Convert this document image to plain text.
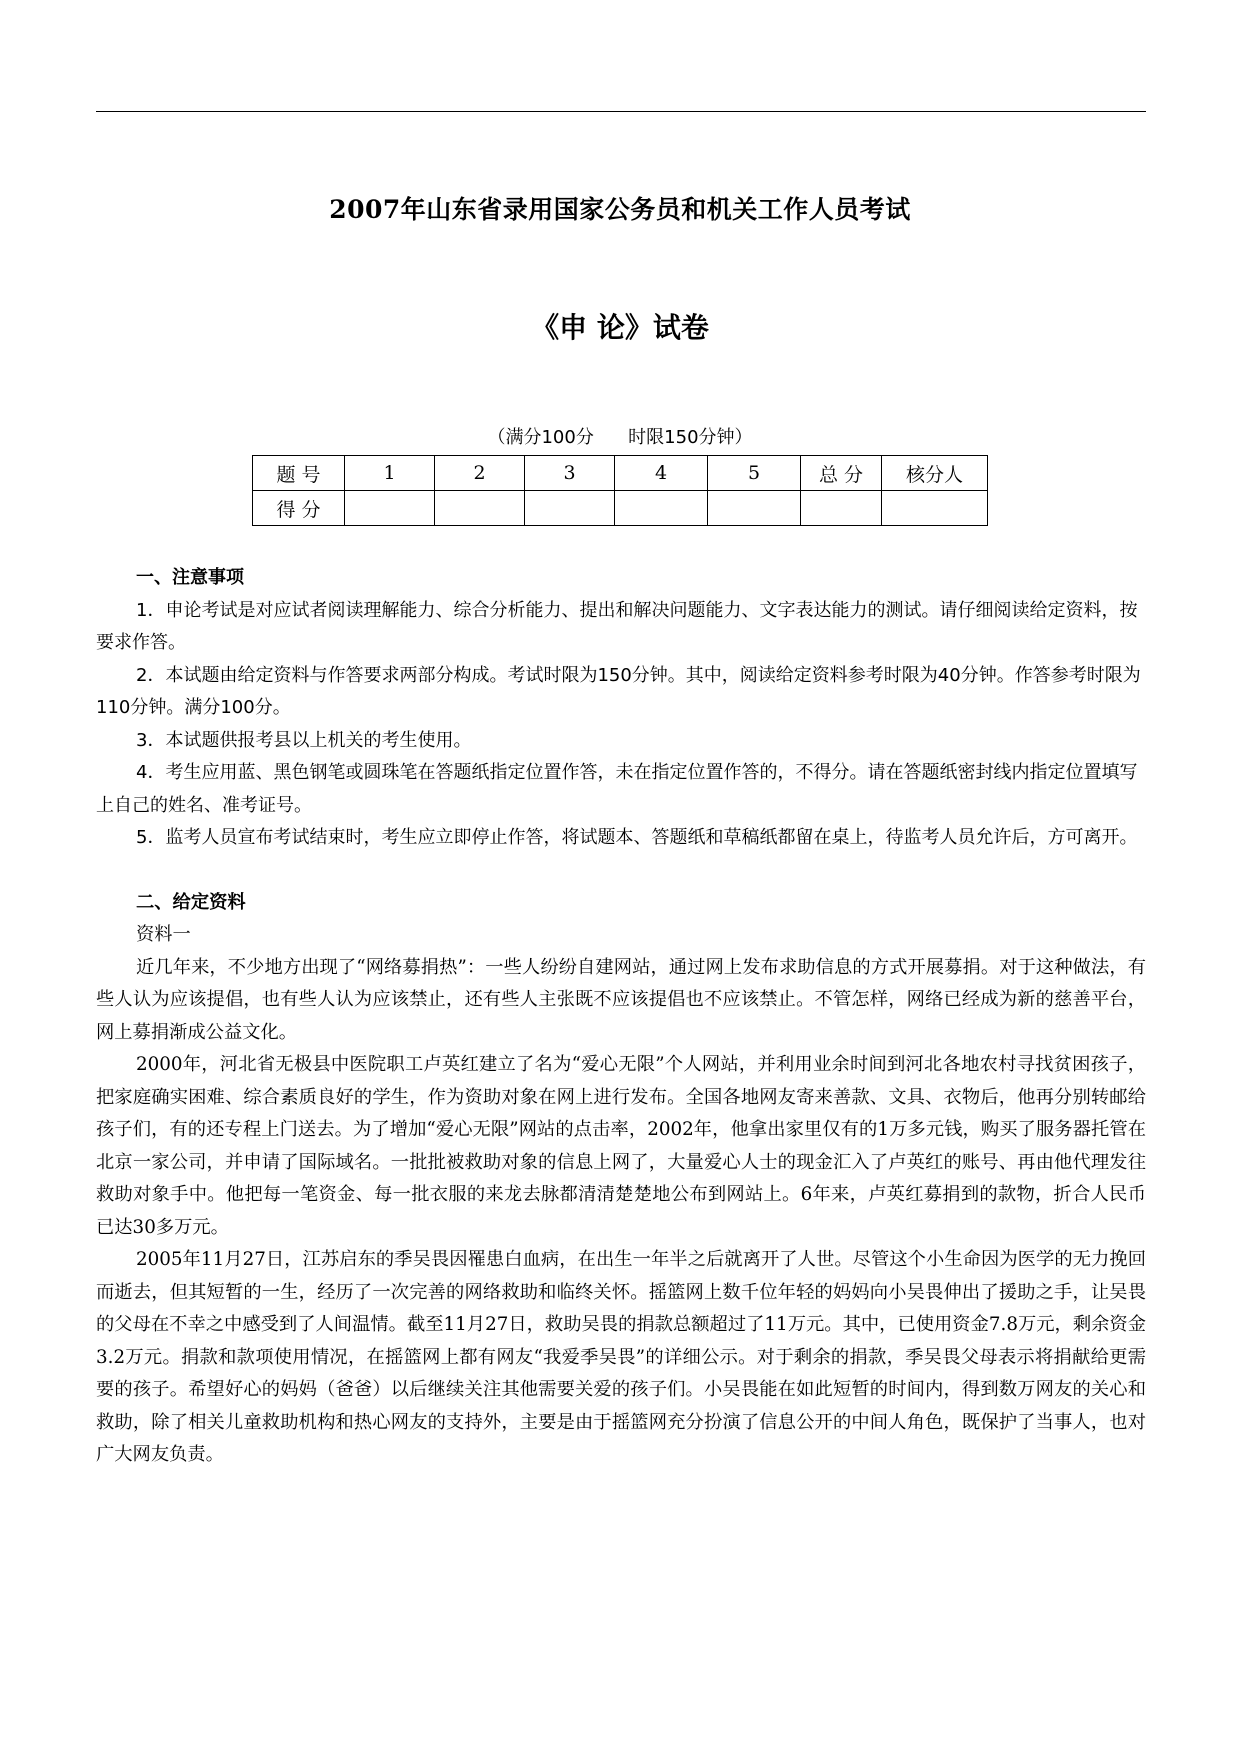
2007年山东省录用国家公务员和机关工作人员考试
《申 论》试卷

（满分100分 时限150分钟）

题 号	1	2	3	4	5	总 分	核分人
得 分							

一、注意事项

1．申论考试是对应试者阅读理解能力、综合分析能力、提出和解决问题能力、文字表达能力的测试。请仔细阅读给定资料，按要求作答。

2．本试题由给定资料与作答要求两部分构成。考试时限为150分钟。其中，阅读给定资料参考时限为40分钟。作答参考时限为110分钟。满分100分。

3．本试题供报考县以上机关的考生使用。

4．考生应用蓝、黑色钢笔或圆珠笔在答题纸指定位置作答，未在指定位置作答的，不得分。请在答题纸密封线内指定位置填写上自己的姓名、准考证号。

5．监考人员宣布考试结束时，考生应立即停止作答，将试题本、答题纸和草稿纸都留在桌上，待监考人员允许后，方可离开。

二、给定资料

资料一

近几年来，不少地方出现了“网络募捐热”：一些人纷纷自建网站，通过网上发布求助信息的方式开展募捐。对于这种做法，有些人认为应该提倡，也有些人认为应该禁止，还有些人主张既不应该提倡也不应该禁止。不管怎样，网络已经成为新的慈善平台，网上募捐渐成公益文化。

2000年，河北省无极县中医院职工卢英红建立了名为“爱心无限”个人网站，并利用业余时间到河北各地农村寻找贫困孩子，把家庭确实困难、综合素质良好的学生，作为资助对象在网上进行发布。全国各地网友寄来善款、文具、衣物后，他再分别转邮给孩子们，有的还专程上门送去。为了增加“爱心无限”网站的点击率，2002年，他拿出家里仅有的1万多元钱，购买了服务器托管在北京一家公司，并申请了国际域名。一批批被救助对象的信息上网了，大量爱心人士的现金汇入了卢英红的账号、再由他代理发往救助对象手中。他把每一笔资金、每一批衣服的来龙去脉都清清楚楚地公布到网站上。6年来，卢英红募捐到的款物，折合人民币已达30多万元。

2005年11月27日，江苏启东的季吴畏因罹患白血病，在出生一年半之后就离开了人世。尽管这个小生命因为医学的无力挽回而逝去，但其短暂的一生，经历了一次完善的网络救助和临终关怀。摇篮网上数千位年轻的妈妈向小吴畏伸出了援助之手，让吴畏的父母在不幸之中感受到了人间温情。截至11月27日，救助吴畏的捐款总额超过了11万元。其中，已使用资金7.8万元，剩余资金3.2万元。捐款和款项使用情况，在摇篮网上都有网友“我爱季吴畏”的详细公示。对于剩余的捐款，季吴畏父母表示将捐献给更需要的孩子。希望好心的妈妈（爸爸）以后继续关注其他需要关爱的孩子们。小吴畏能在如此短暂的时间内，得到数万网友的关心和救助，除了相关儿童救助机构和热心网友的支持外，主要是由于摇篮网充分扮演了信息公开的中间人角色，既保护了当事人，也对广大网友负责。
